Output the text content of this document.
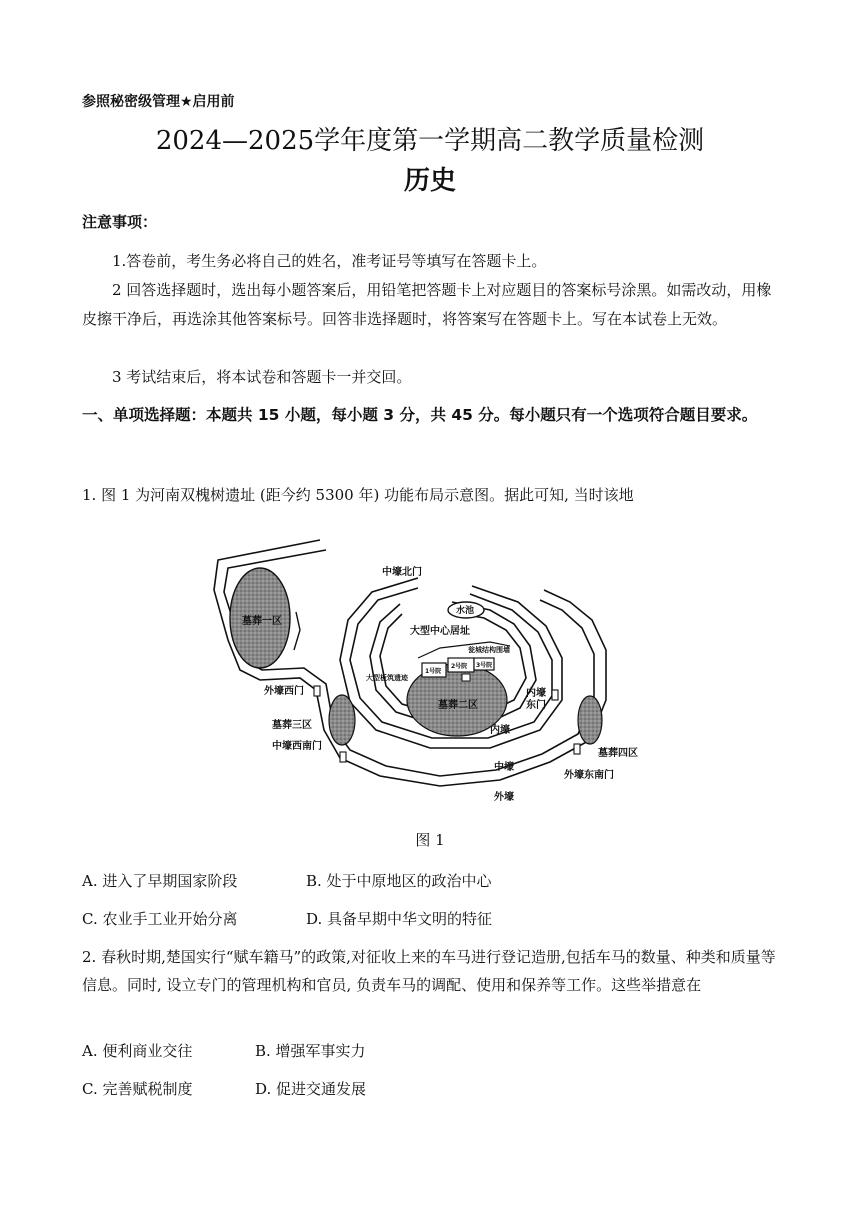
参照秘密级管理★启用前
2024—2025学年度第一学期高二教学质量检测
历史
注意事项：
1.答卷前，考生务必将自己的姓名，准考证号等填写在答题卡上。
2 回答选择题时，选出每小题答案后，用铅笔把答题卡上对应题目的答案标号涂黑。如需改动，用橡皮擦干净后，再选涂其他答案标号。回答非选择题时，将答案写在答题卡上。写在本试卷上无效。
3 考试结束后，将本试卷和答题卡一并交回。
一、单项选择题：本题共 15 小题，每小题 3 分，共 45 分。每小题只有一个选项符合题目要求。
1. 图 1 为河南双槐树遗址 (距今约 5300 年) 功能布局示意图。据此可知, 当时该地
中壕北门
水池
大型中心居址
瓮城结构围墙
1号院
2号院 3号院
大型板筑遗迹
墓葬一区
墓葬二区
墓葬三区
墓葬四区
外壕西门
中壕西南门
内壕
东门
内壕
中壕
外壕
外壕东南门
图 1
A. 进入了早期国家阶段	B. 处于中原地区的政治中心
C. 农业手工业开始分离	D. 具备早期中华文明的特征
2. 春秋时期,楚国实行“赋车籍马”的政策,对征收上来的车马进行登记造册,包括车马的数量、种类和质量等信息。同时, 设立专门的管理机构和官员, 负责车马的调配、使用和保养等工作。这些举措意在
A. 便利商业交往	B. 增强军事实力
C. 完善赋税制度	D. 促进交通发展
